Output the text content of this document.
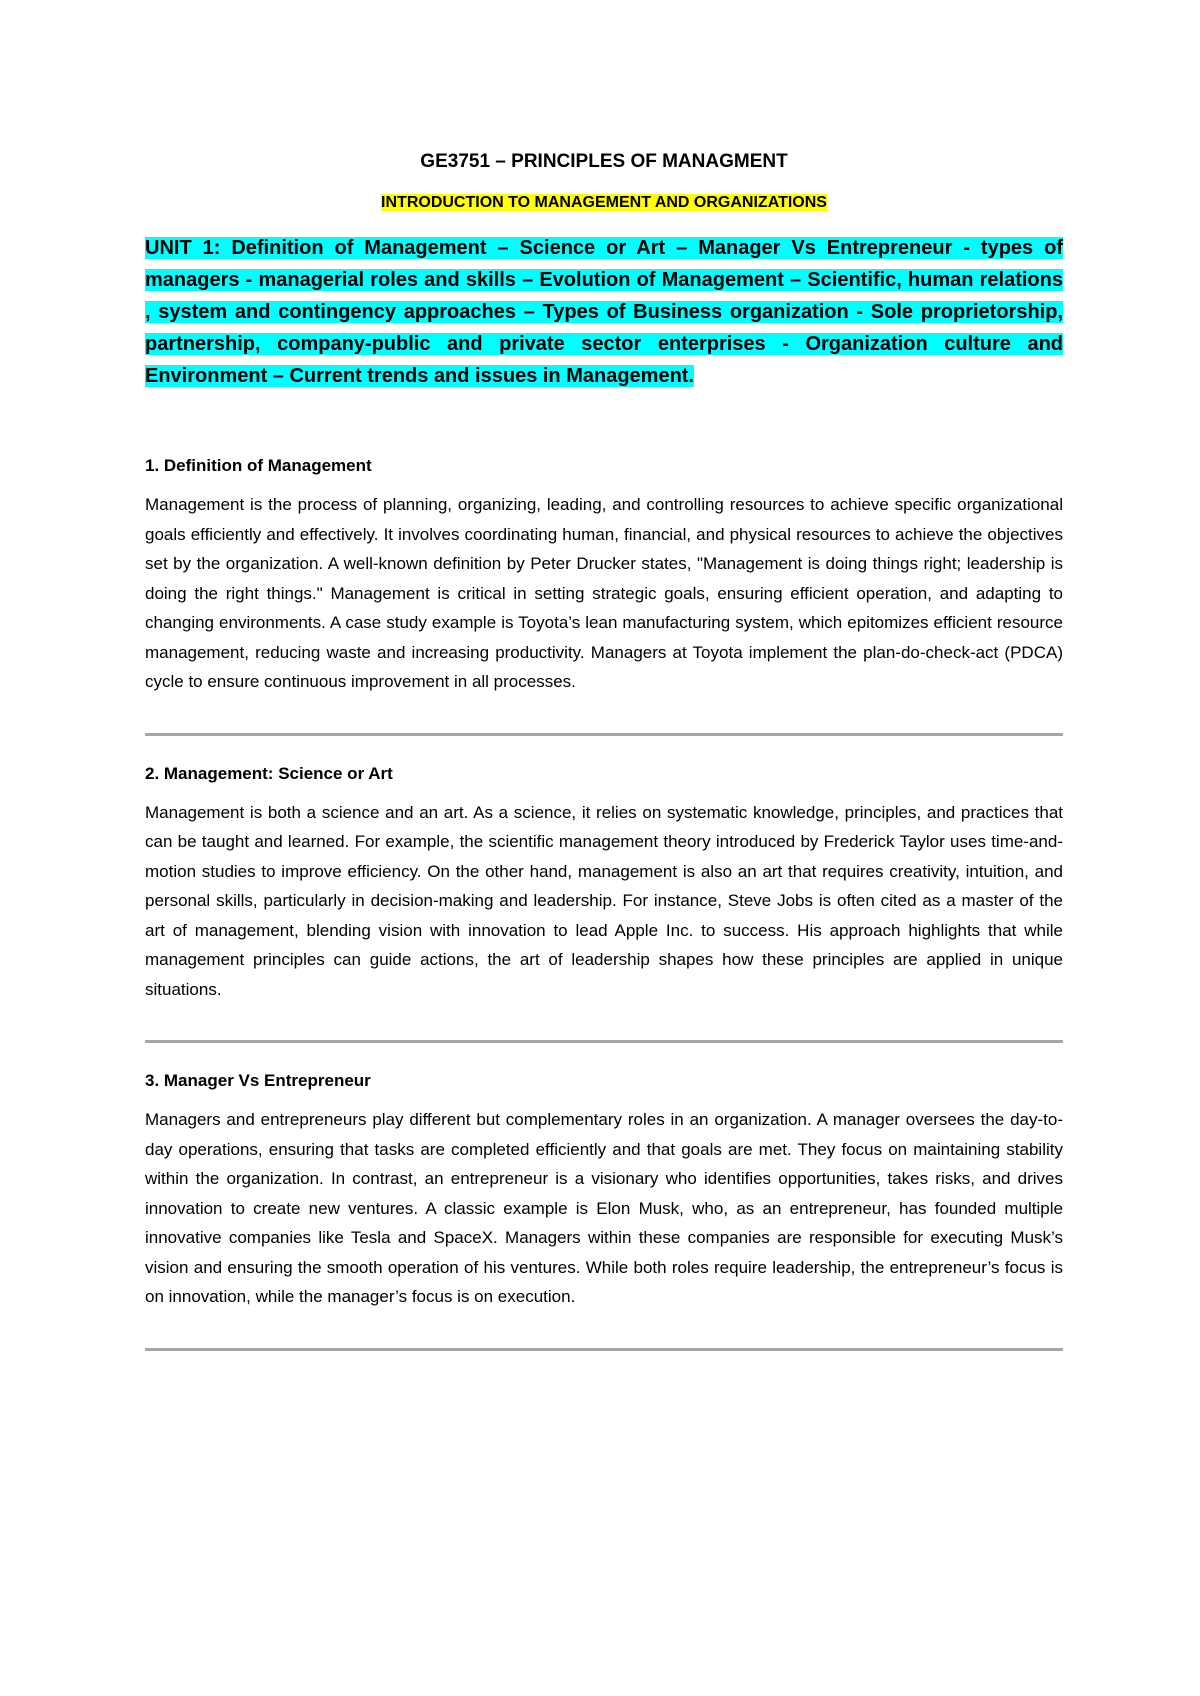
GE3751 – PRINCIPLES OF MANAGMENT
INTRODUCTION TO MANAGEMENT AND ORGANIZATIONS
UNIT 1: Definition of Management – Science or Art – Manager Vs Entrepreneur - types of managers - managerial roles and skills – Evolution of Management – Scientific, human relations , system and contingency approaches – Types of Business organization - Sole proprietorship, partnership, company-public and private sector enterprises - Organization culture and Environment – Current trends and issues in Management.

1. Definition of Management

Management is the process of planning, organizing, leading, and controlling resources to achieve specific organizational goals efficiently and effectively. It involves coordinating human, financial, and physical resources to achieve the objectives set by the organization. A well-known definition by Peter Drucker states, "Management is doing things right; leadership is doing the right things." Management is critical in setting strategic goals, ensuring efficient operation, and adapting to changing environments. A case study example is Toyota’s lean manufacturing system, which epitomizes efficient resource management, reducing waste and increasing productivity. Managers at Toyota implement the plan-do-check-act (PDCA) cycle to ensure continuous improvement in all processes.

2. Management: Science or Art

Management is both a science and an art. As a science, it relies on systematic knowledge, principles, and practices that can be taught and learned. For example, the scientific management theory introduced by Frederick Taylor uses time-and-motion studies to improve efficiency. On the other hand, management is also an art that requires creativity, intuition, and personal skills, particularly in decision-making and leadership. For instance, Steve Jobs is often cited as a master of the art of management, blending vision with innovation to lead Apple Inc. to success. His approach highlights that while management principles can guide actions, the art of leadership shapes how these principles are applied in unique situations.

3. Manager Vs Entrepreneur

Managers and entrepreneurs play different but complementary roles in an organization. A manager oversees the day-to-day operations, ensuring that tasks are completed efficiently and that goals are met. They focus on maintaining stability within the organization. In contrast, an entrepreneur is a visionary who identifies opportunities, takes risks, and drives innovation to create new ventures. A classic example is Elon Musk, who, as an entrepreneur, has founded multiple innovative companies like Tesla and SpaceX. Managers within these companies are responsible for executing Musk’s vision and ensuring the smooth operation of his ventures. While both roles require leadership, the entrepreneur’s focus is on innovation, while the manager’s focus is on execution.
